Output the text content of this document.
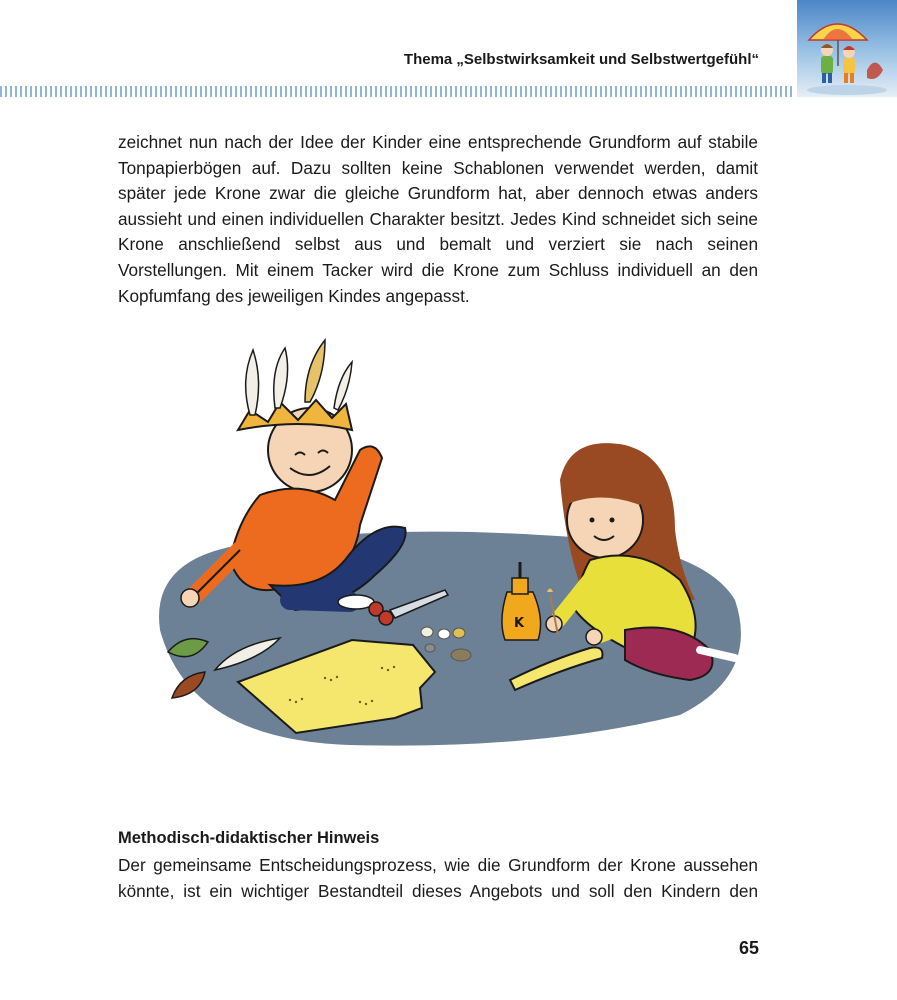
Thema „Selbstwirksamkeit und Selbstwertgefühl“

zeichnet nun nach der Idee der Kinder eine entsprechende Grundform auf stabile Tonpapierbögen auf. Dazu sollten keine Schablonen verwendet werden, damit später jede Krone zwar die gleiche Grundform hat, aber dennoch etwas anders aussieht und einen individuellen Charakter besitzt. Jedes Kind schneidet sich seine Krone anschließend selbst aus und bemalt und verziert sie nach seinen Vorstellungen. Mit einem Tacker wird die Krone zum Schluss individuell an den Kopfumfang des jeweiligen Kindes angepasst.

K
Methodisch-didaktischer Hinweis

Der gemeinsame Entscheidungsprozess, wie die Grundform der Krone aussehen könnte, ist ein wichtiger Bestandteil dieses Angebots und soll den Kindern den

65
